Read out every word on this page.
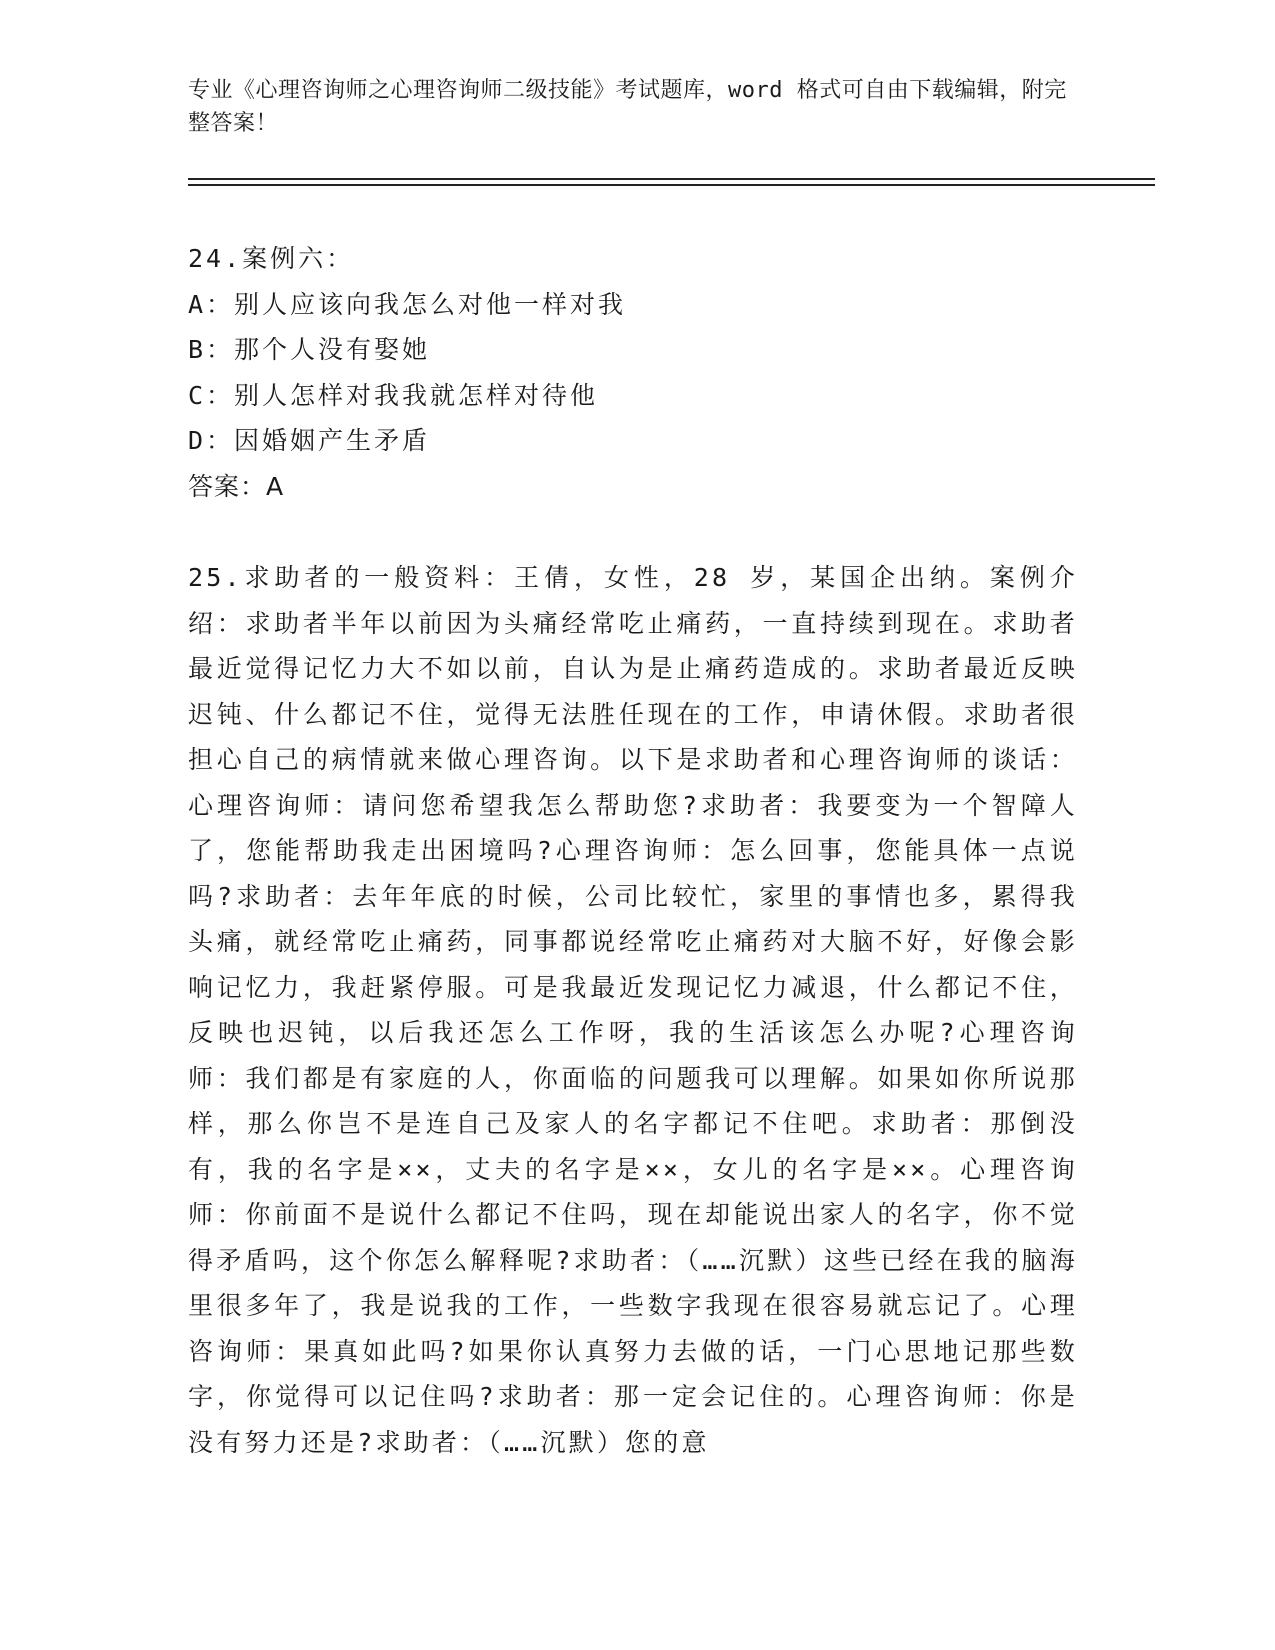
专业《心理咨询师之心理咨询师二级技能》考试题库，word 格式可自由下载编辑，附完整答案！
24.案例六：
A：别人应该向我怎么对他一样对我
B：那个人没有娶她
C：别人怎样对我我就怎样对待他
D：因婚姻产生矛盾
答案：A
25.求助者的一般资料：王倩，女性，28 岁，某国企出纳。案例介绍：求助者半年以前因为头痛经常吃止痛药，一直持续到现在。求助者最近觉得记忆力大不如以前，自认为是止痛药造成的。求助者最近反映迟钝、什么都记不住，觉得无法胜任现在的工作，申请休假。求助者很担心自己的病情就来做心理咨询。以下是求助者和心理咨询师的谈话：心理咨询师：请问您希望我怎么帮助您?求助者：我要变为一个智障人了，您能帮助我走出困境吗?心理咨询师：怎么回事，您能具体一点说吗?求助者：去年年底的时候，公司比较忙，家里的事情也多，累得我头痛，就经常吃止痛药，同事都说经常吃止痛药对大脑不好，好像会影响记忆力，我赶紧停服。可是我最近发现记忆力减退，什么都记不住，反映也迟钝，以后我还怎么工作呀，我的生活该怎么办呢?心理咨询师：我们都是有家庭的人，你面临的问题我可以理解。如果如你所说那样，那么你岂不是连自己及家人的名字都记不住吧。求助者：那倒没有，我的名字是××，丈夫的名字是××，女儿的名字是××。心理咨询师：你前面不是说什么都记不住吗，现在却能说出家人的名字，你不觉得矛盾吗，这个你怎么解释呢?求助者：（……沉默）这些已经在我的脑海里很多年了，我是说我的工作，一些数字我现在很容易就忘记了。心理咨询师：果真如此吗?如果你认真努力去做的话，一门心思地记那些数字，你觉得可以记住吗?求助者：那一定会记住的。心理咨询师：你是没有努力还是?求助者：（……沉默）您的意
